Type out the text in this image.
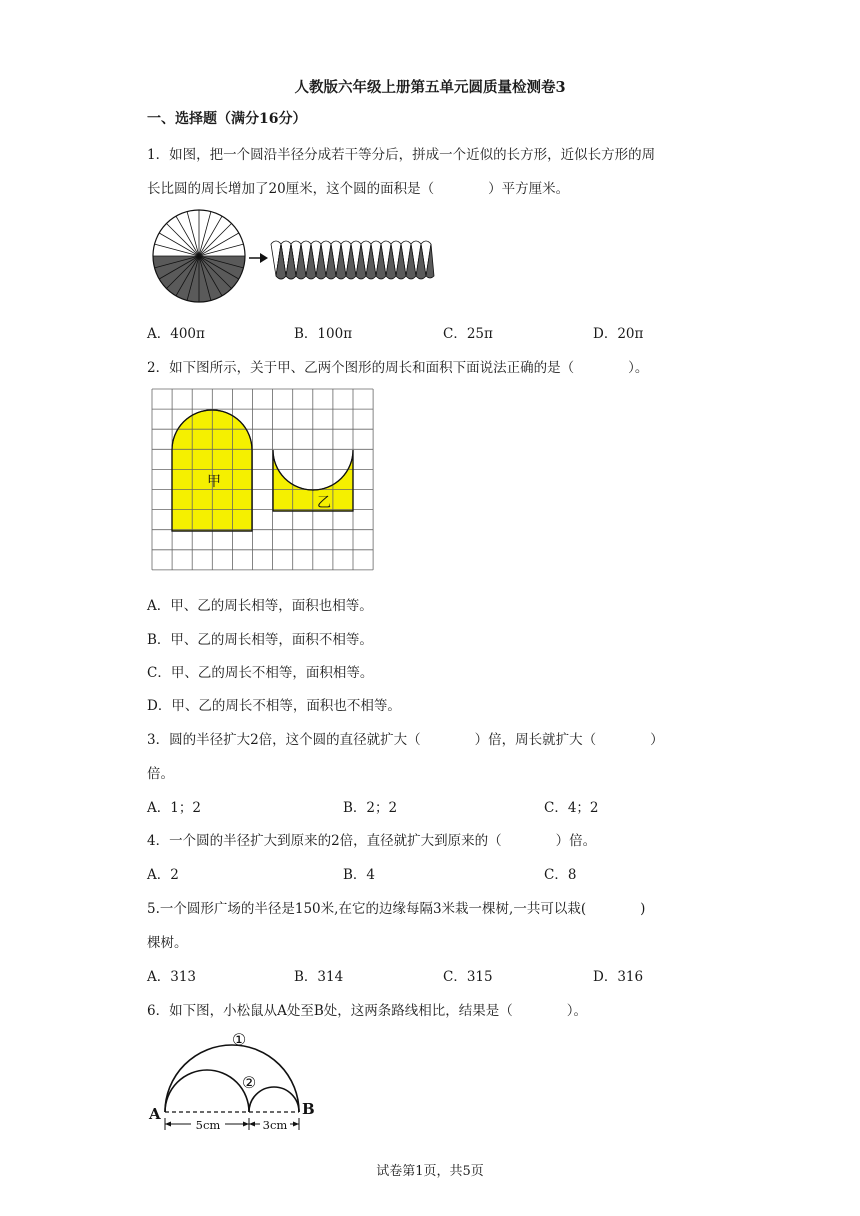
人教版六年级上册第五单元圆质量检测卷3
一、选择题（满分16分）
1．如图，把一个圆沿半径分成若干等分后，拼成一个近似的长方形，近似长方形的周
长比圆的周长增加了20厘米，这个圆的面积是（　　　　）平方厘米。
A．400π	B．100π	C．25π	D．20π
2．如下图所示，关于甲、乙两个图形的周长和面积下面说法正确的是（　　　　）。
甲
乙
A．甲、乙的周长相等，面积也相等。
B．甲、乙的周长相等，面积不相等。
C．甲、乙的周长不相等，面积相等。
D．甲、乙的周长不相等，面积也不相等。
3．圆的半径扩大2倍，这个圆的直径就扩大（　　　　）倍，周长就扩大（　　　　）
倍。
A．1；2	B．2；2	C．4；2
4．一个圆的半径扩大到原来的2倍，直径就扩大到原来的（　　　　）倍。
A．2	B．4	C．8
5.一个圆形广场的半径是150米,在它的边缘每隔3米栽一棵树,一共可以栽(　　　　)
棵树。
A．313	B．314	C．315	D．316
6．如下图，小松鼠从A处至B处，这两条路线相比，结果是（　　　　）。
①
②
A	B
5cm	3cm
试卷第1页，共5页
